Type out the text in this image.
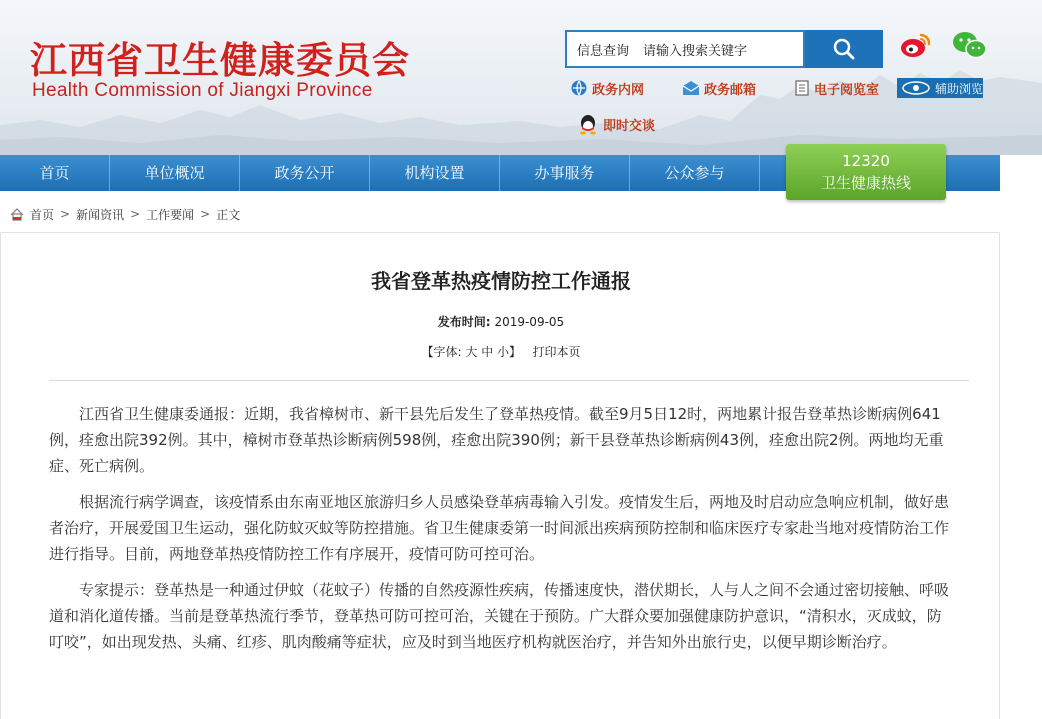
江西省卫生健康委员会
Health Commission of Jiangxi Province
信息查询	请输入搜索关键字
政务内网	政务邮箱	电子阅览室	辅助浏览
即时交谈
首页	单位概况	政务公开	机构设置	办事服务	公众参与
12320
卫生健康热线
首页 > 新闻资讯 > 工作要闻 > 正文
我省登革热疫情防控工作通报
发布时间: 2019-09-05
【字体: 大 中 小】 打印本页

江西省卫生健康委通报：近期，我省樟树市、新干县先后发生了登革热疫情。截至9月5日12时，两地累计报告登革热诊断病例641例，痊愈出院392例。其中，樟树市登革热诊断病例598例，痊愈出院390例；新干县登革热诊断病例43例，痊愈出院2例。两地均无重症、死亡病例。

根据流行病学调查，该疫情系由东南亚地区旅游归乡人员感染登革病毒输入引发。疫情发生后，两地及时启动应急响应机制，做好患者治疗，开展爱国卫生运动，强化防蚊灭蚊等防控措施。省卫生健康委第一时间派出疾病预防控制和临床医疗专家赴当地对疫情防治工作进行指导。目前，两地登革热疫情防控工作有序展开，疫情可防可控可治。

专家提示：登革热是一种通过伊蚊（花蚊子）传播的自然疫源性疾病，传播速度快，潜伏期长，人与人之间不会通过密切接触、呼吸道和消化道传播。当前是登革热流行季节，登革热可防可控可治，关键在于预防。广大群众要加强健康防护意识，“清积水，灭成蚊，防叮咬”，如出现发热、头痛、红疹、肌肉酸痛等症状，应及时到当地医疗机构就医治疗，并告知外出旅行史，以便早期诊断治疗。
